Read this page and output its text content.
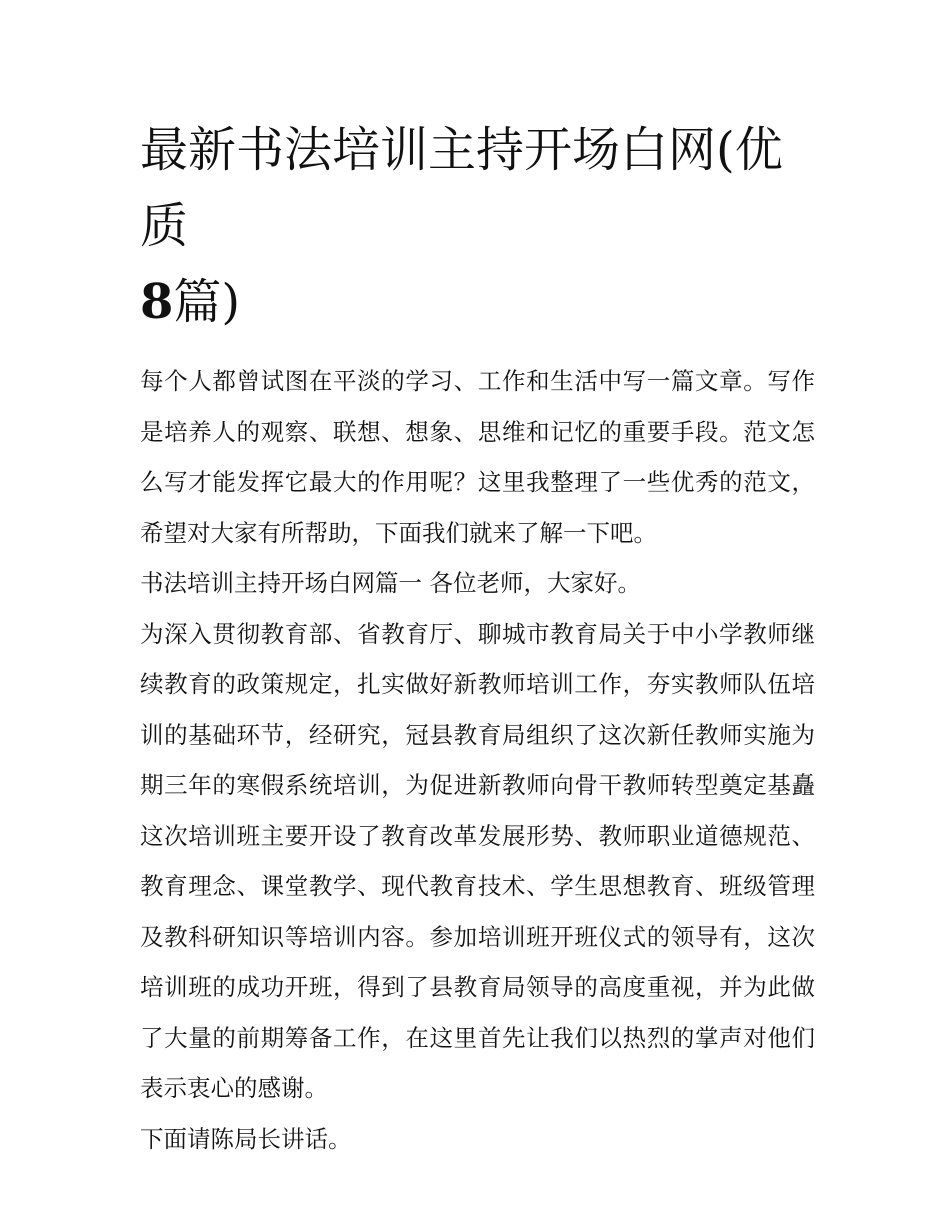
最新书法培训主持开场白网(优质
8篇)

每个人都曾试图在平淡的学习、工作和生活中写一篇文章。写作是培养人的观察、联想、想象、思维和记忆的重要手段。范文怎么写才能发挥它最大的作用呢？这里我整理了一些优秀的范文，希望对大家有所帮助，下面我们就来了解一下吧。

书法培训主持开场白网篇一 各位老师，大家好。

为深入贯彻教育部、省教育厅、聊城市教育局关于中小学教师继续教育的政策规定，扎实做好新教师培训工作，夯实教师队伍培训的基础环节，经研究，冠县教育局组织了这次新任教师实施为期三年的寒假系统培训，为促进新教师向骨干教师转型奠定基矗这次培训班主要开设了教育改革发展形势、教师职业道德规范、教育理念、课堂教学、现代教育技术、学生思想教育、班级管理及教科研知识等培训内容。参加培训班开班仪式的领导有，这次培训班的成功开班，得到了县教育局领导的高度重视，并为此做了大量的前期筹备工作，在这里首先让我们以热烈的掌声对他们表示衷心的感谢。

下面请陈局长讲话。
